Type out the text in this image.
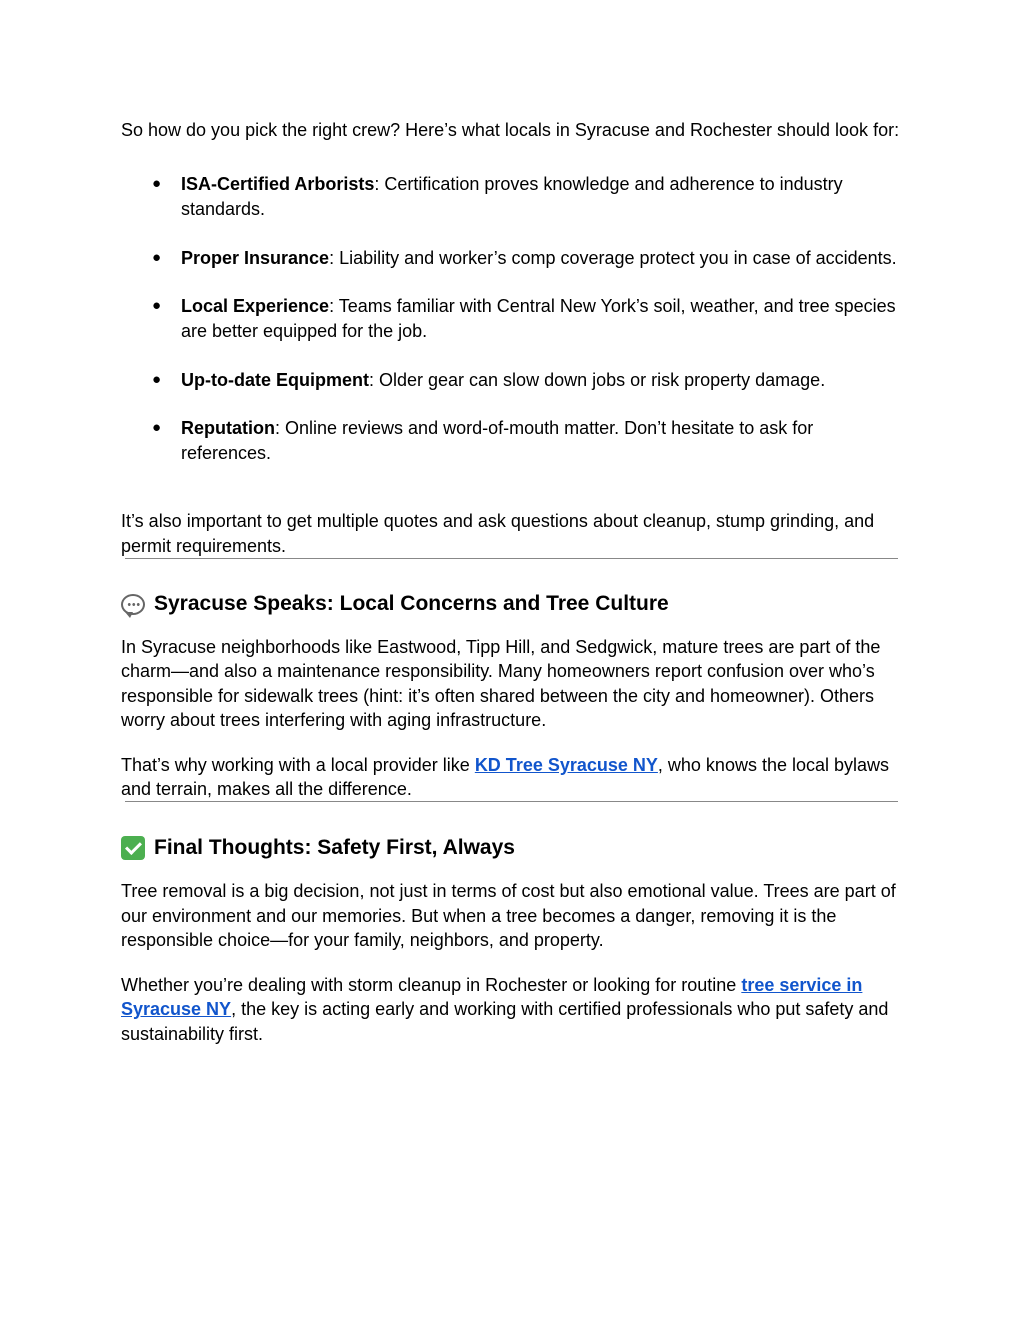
So how do you pick the right crew? Here’s what locals in Syracuse and Rochester should look for:

● ISA-Certified Arborists: Certification proves knowledge and adherence to industry standards.
● Proper Insurance: Liability and worker’s comp coverage protect you in case of accidents.
● Local Experience: Teams familiar with Central New York’s soil, weather, and tree species are better equipped for the job.
● Up-to-date Equipment: Older gear can slow down jobs or risk property damage.
● Reputation: Online reviews and word-of-mouth matter. Don’t hesitate to ask for references.

It’s also important to get multiple quotes and ask questions about cleanup, stump grinding, and permit requirements.

Syracuse Speaks: Local Concerns and Tree Culture

In Syracuse neighborhoods like Eastwood, Tipp Hill, and Sedgwick, mature trees are part of the charm—and also a maintenance responsibility. Many homeowners report confusion over who’s responsible for sidewalk trees (hint: it’s often shared between the city and homeowner). Others worry about trees interfering with aging infrastructure.

That’s why working with a local provider like KD Tree Syracuse NY, who knows the local bylaws and terrain, makes all the difference.

Final Thoughts: Safety First, Always

Tree removal is a big decision, not just in terms of cost but also emotional value. Trees are part of our environment and our memories. But when a tree becomes a danger, removing it is the responsible choice—for your family, neighbors, and property.

Whether you’re dealing with storm cleanup in Rochester or looking for routine tree service in Syracuse NY, the key is acting early and working with certified professionals who put safety and sustainability first.
